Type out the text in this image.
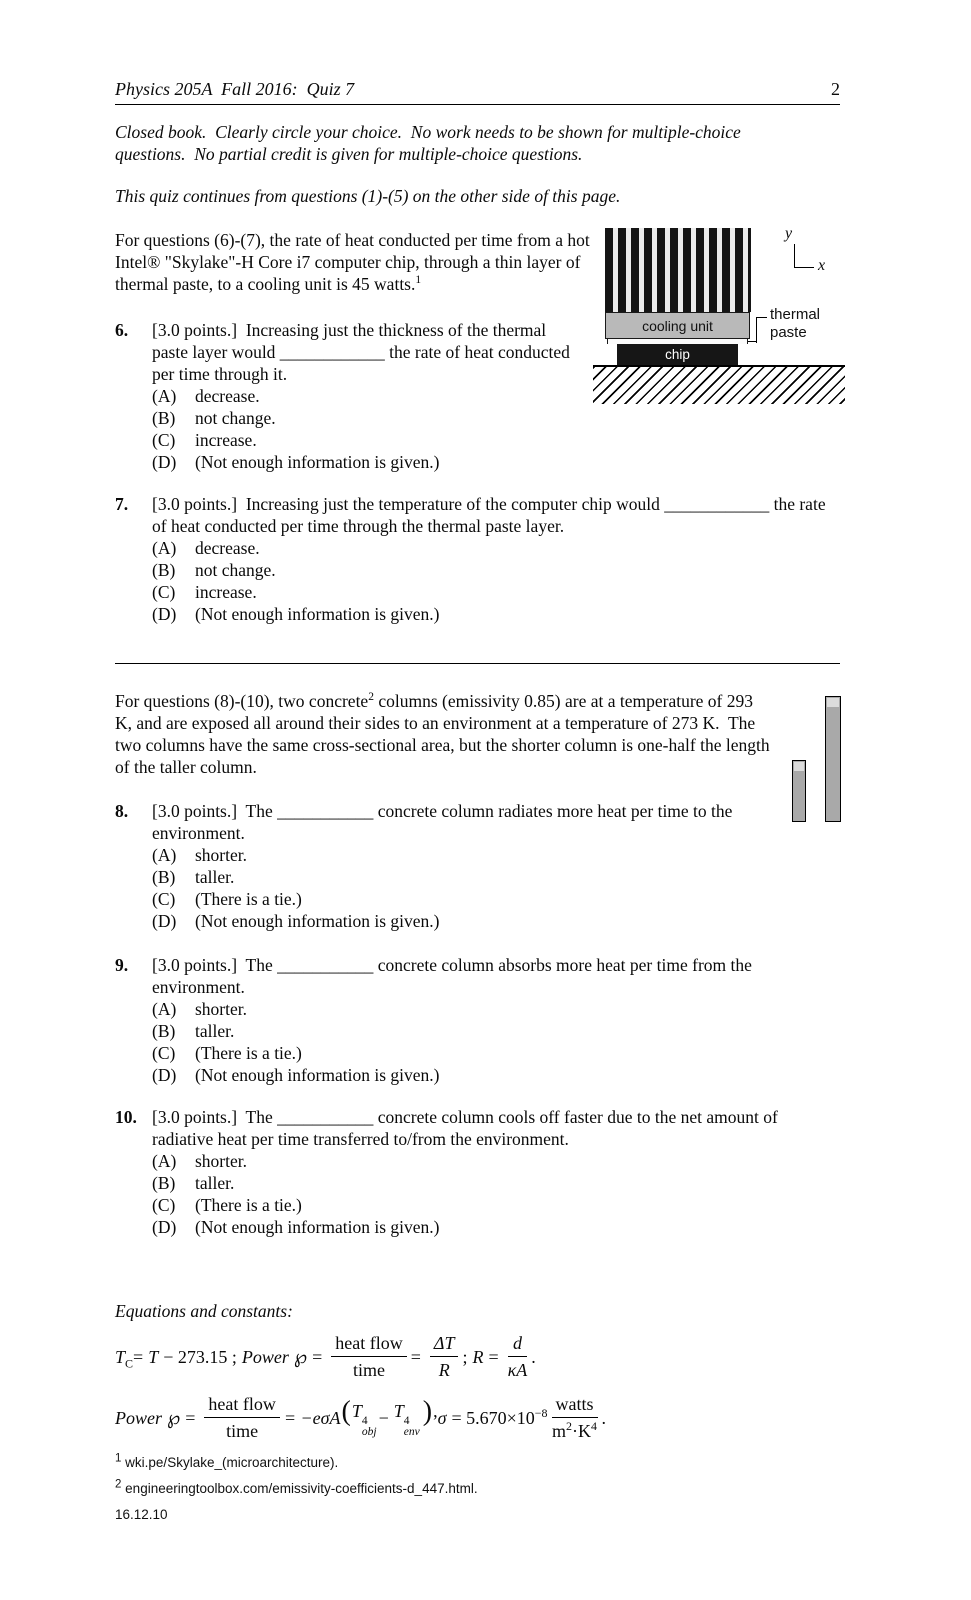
Physics 205A  Fall 2016:  Quiz 7	2

Closed book.  Clearly circle your choice.  No work needs to be shown for multiple-choice questions.  No partial credit is given for multiple-choice questions.

This quiz continues from questions (1)-(5) on the other side of this page.

For questions (6)-(7), the rate of heat conducted per time from a hot Intel® "Skylake"-H Core i7 computer chip, through a thin layer of thermal paste, to a cooling unit is 45 watts.$^1$

6.	[3.0 points.]  Increasing just the thickness of the thermal paste layer would ____________ the rate of heat conducted per time through it.

(A)	decrease.
(B)	not change.
(C)	increase.
(D)	(Not enough information is given.)
7.	[3.0 points.]  Increasing just the temperature of the computer chip would ____________ the rate of heat conducted per time through the thermal paste layer.

(A)	decrease.
(B)	not change.
(C)	increase.
(D)	(Not enough information is given.)

For questions (8)-(10), two concrete$^2$ columns (emissivity 0.85) are at a temperature of 293 K, and are exposed all around their sides to an environment at a temperature of 273 K.  The two columns have the same cross-sectional area, but the shorter column is one-half the length of the taller column.

8.	[3.0 points.]  The ___________ concrete column radiates more heat per time to the environment.

(A)	shorter.
(B)	taller.
(C)	(There is a tie.)
(D)	(Not enough information is given.)
9.	[3.0 points.]  The ___________ concrete column absorbs more heat per time from the environment.

(A)	shorter.
(B)	taller.
(C)	(There is a tie.)
(D)	(Not enough information is given.)
10. [3.0 points.]  The ___________ concrete column cools off faster due to the net amount of radiative heat per time transferred to/from the environment.

(A)	shorter.
(B)	taller.
(C)	(There is a tie.)
(D)	(Not enough information is given.)

Equations and constants:

$T_C = T - 273.15$ ; Power ℘ = $\frac{\text{heat flow}}{\text{time}} = \frac{\Delta T}{R}$ ; $R = \frac{d}{\kappa A}$ .
Power ℘ = $\frac{\text{heat flow}}{\text{time}} = -e\sigma A$ (T 4
obj
− T 4
env
), $\sigma = 5.670\times 10^{-8} \frac{\text{watts}}{m^2\cdot K^4}$ .
cooling unit
chip
thermal
paste
y
x
$^1$ wki.pe/Skylake_(microarchitecture).
$^2$ engineeringtoolbox.com/emissivity-coefficients-d_447.html.
16.12.10
